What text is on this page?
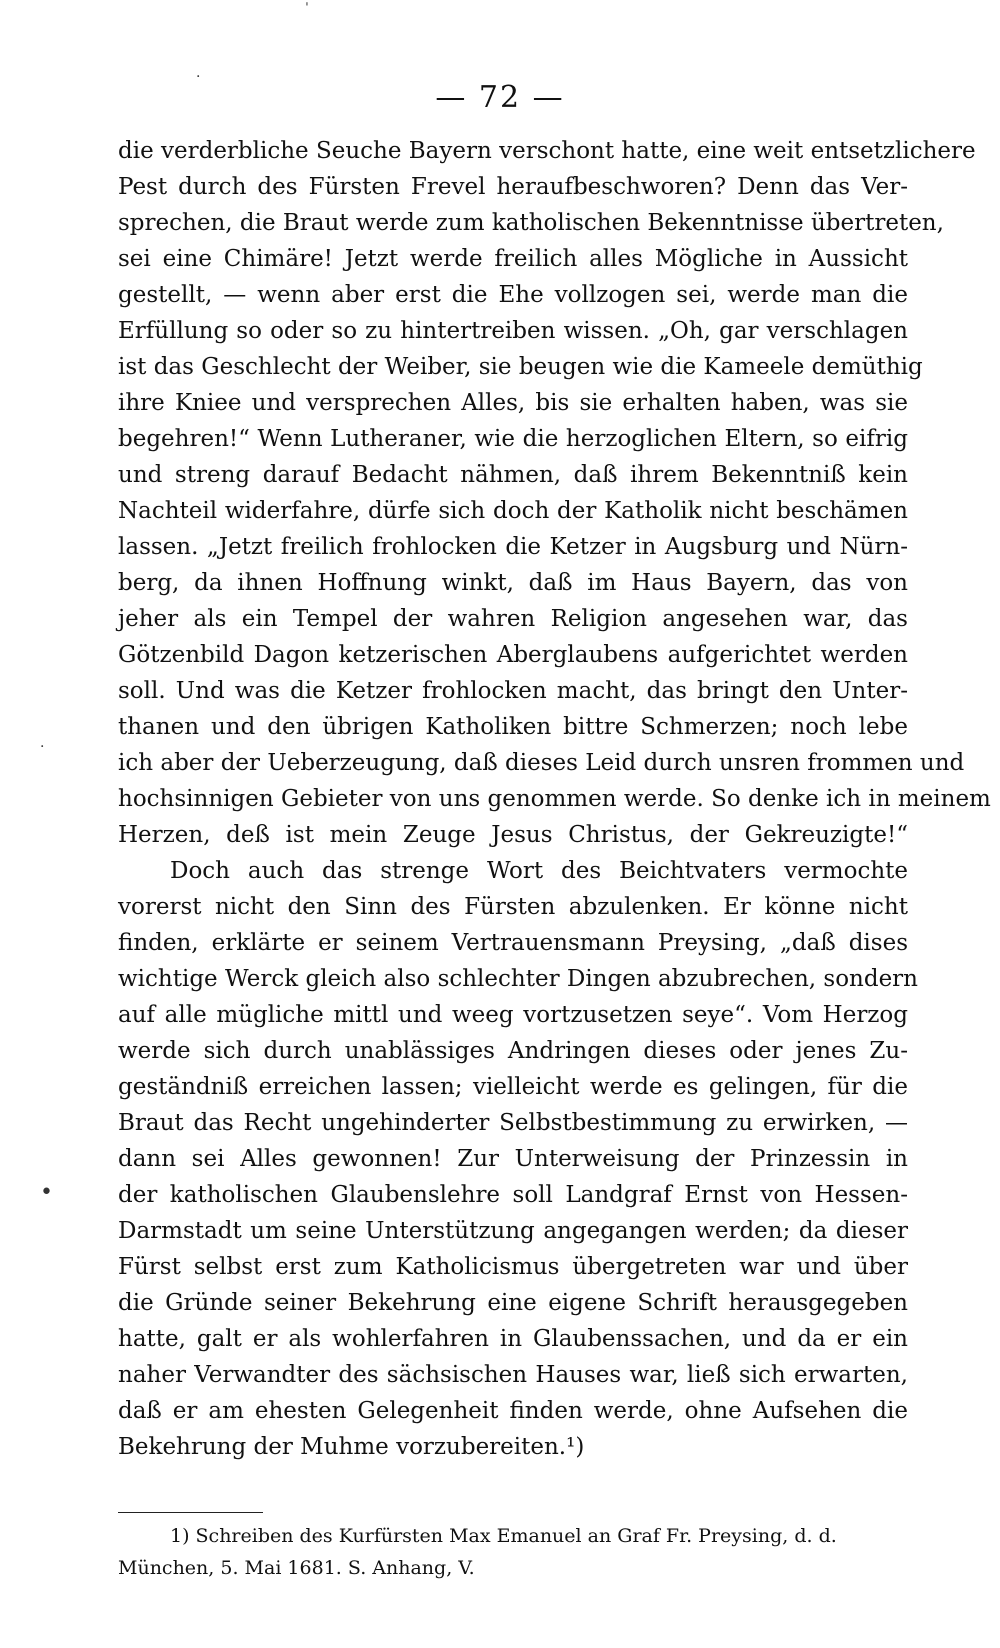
ˈ
·
·
•
— 72 —
die verderbliche Seuche Bayern verschont hatte, eine weit entsetzlichere
Pest durch des Fürsten Frevel heraufbeschworen? Denn das Ver-
sprechen, die Braut werde zum katholischen Bekenntnisse übertreten,
sei eine Chimäre! Jetzt werde freilich alles Mögliche in Aussicht
gestellt, — wenn aber erst die Ehe vollzogen sei, werde man die
Erfüllung so oder so zu hintertreiben wissen. „Oh, gar verschlagen
ist das Geschlecht der Weiber, sie beugen wie die Kameele demüthig
ihre Kniee und versprechen Alles, bis sie erhalten haben, was sie
begehren!“ Wenn Lutheraner, wie die herzoglichen Eltern, so eifrig
und streng darauf Bedacht nähmen, daß ihrem Bekenntniß kein
Nachteil widerfahre, dürfe sich doch der Katholik nicht beschämen
lassen. „Jetzt freilich frohlocken die Ketzer in Augsburg und Nürn-
berg, da ihnen Hoffnung winkt, daß im Haus Bayern, das von
jeher als ein Tempel der wahren Religion angesehen war, das
Götzenbild Dagon ketzerischen Aberglaubens aufgerichtet werden
soll. Und was die Ketzer frohlocken macht, das bringt den Unter-
thanen und den übrigen Katholiken bittre Schmerzen; noch lebe
ich aber der Ueberzeugung, daß dieses Leid durch unsren frommen und
hochsinnigen Gebieter von uns genommen werde. So denke ich in meinem
Herzen, deß ist mein Zeuge Jesus Christus, der Gekreuzigte!“
Doch auch das strenge Wort des Beichtvaters vermochte
vorerst nicht den Sinn des Fürsten abzulenken. Er könne nicht
finden, erklärte er seinem Vertrauensmann Preysing, „daß dises
wichtige Werck gleich also schlechter Dingen abzubrechen, sondern
auf alle mügliche mittl und weeg vortzusetzen seye“. Vom Herzog
werde sich durch unablässiges Andringen dieses oder jenes Zu-
geständniß erreichen lassen; vielleicht werde es gelingen, für die
Braut das Recht ungehinderter Selbstbestimmung zu erwirken, —
dann sei Alles gewonnen! Zur Unterweisung der Prinzessin in
der katholischen Glaubenslehre soll Landgraf Ernst von Hessen-
Darmstadt um seine Unterstützung angegangen werden; da dieser
Fürst selbst erst zum Katholicismus übergetreten war und über
die Gründe seiner Bekehrung eine eigene Schrift herausgegeben
hatte, galt er als wohlerfahren in Glaubenssachen, und da er ein
naher Verwandter des sächsischen Hauses war, ließ sich erwarten,
daß er am ehesten Gelegenheit finden werde, ohne Aufsehen die
Bekehrung der Muhme vorzubereiten.¹)
1) Schreiben des Kurfürsten Max Emanuel an Graf Fr. Preysing, d. d.
München, 5. Mai 1681. S. Anhang, V.
